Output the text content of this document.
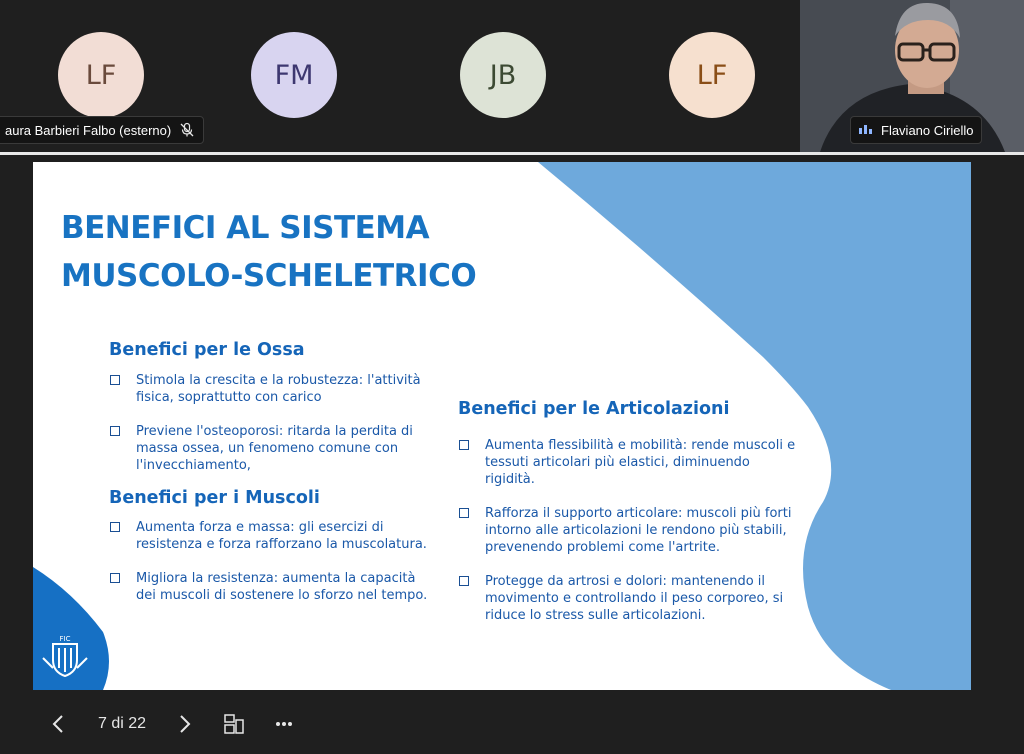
LF	FM	JB	LF
aura Barbieri Falbo (esterno)	Flaviano Ciriello
BENEFICI AL SISTEMA
MUSCOLO-SCHELETRICO
Benefici per le Ossa
Stimola la crescita e la robustezza: l'attività fisica, soprattutto con carico
Previene l'osteoporosi: ritarda la perdita di massa ossea, un fenomeno comune con l'invecchiamento,
Benefici per i Muscoli
Aumenta forza e massa: gli esercizi di resistenza e forza rafforzano la muscolatura.
Migliora la resistenza: aumenta la capacità dei muscoli di sostenere lo sforzo nel tempo.
Benefici per le Articolazioni
Aumenta flessibilità e mobilità: rende muscoli e tessuti articolari più elastici, diminuendo rigidità.
Rafforza il supporto articolare: muscoli più forti intorno alle articolazioni le rendono più stabili, prevenendo problemi come l'artrite.
Protegge da artrosi e dolori: mantenendo il movimento e controllando il peso corporeo, si riduce lo stress sulle articolazioni.
FIC
7 di 22
